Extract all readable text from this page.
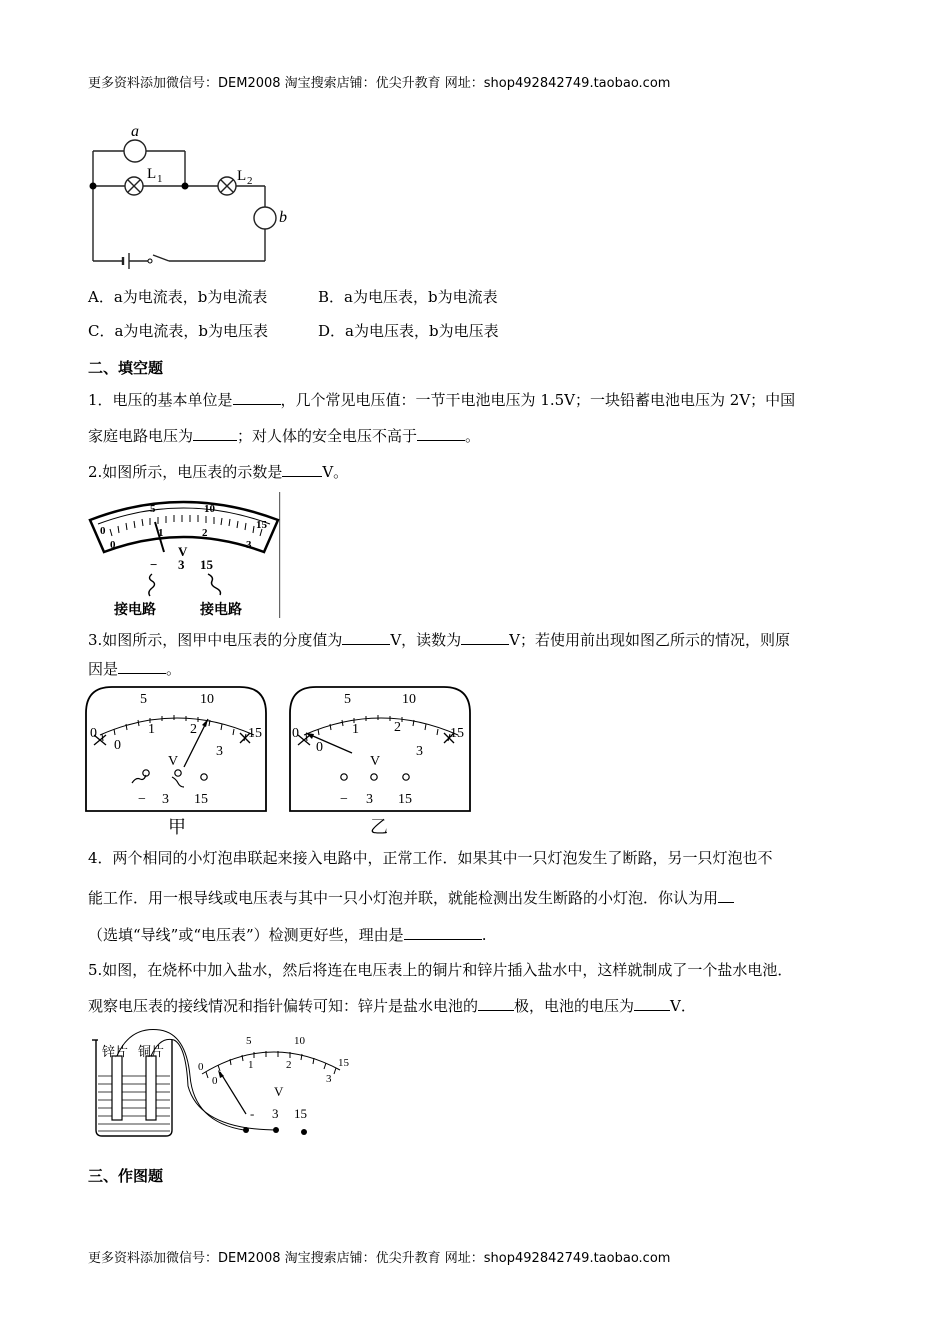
更多资料添加微信号：DEM2008 淘宝搜索店铺：优尖升教育 网址：shop492842749.taobao.com
a
b
L 1	L 2
A．a为电流表，b为电流表	B．a为电压表，b为电流表
C．a为电流表，b为电压表	D．a为电压表，b为电压表
二、填空题
1．电压的基本单位是	，几个常见电压值：一节干电池电压为 1.5V；一块铅蓄电池电压为 2V；中国
家庭电路电压为	；对人体的安全电压不高于	。
2.如图所示，电压表的示数是	V。
0
5	10
15
0
1	2
3
V
− 3 15
接电路	接电路
3.如图所示，图甲中电压表的分度值为	V，读数为	V；若使用前出现如图乙所示的情况，则原
因是	。
0
5	10
15
0
1	2
3
V
− 3 15
甲
0
5	10
15
0
1	2
3
V
− 3 15
乙
4．两个相同的小灯泡串联起来接入电路中，正常工作．如果其中一只灯泡发生了断路，另一只灯泡也不
能工作．用一根导线或电压表与其中一只小灯泡并联，就能检测出发生断路的小灯泡．你认为用
（选填“导线”或“电压表”）检测更好些，理由是	.
5.如图，在烧杯中加入盐水，然后将连在电压表上的铜片和锌片插入盐水中，这样就制成了一个盐水电池．
观察电压表的接线情况和指针偏转可知：锌片是盐水电池的 极，电池的电压为 V．
锌片 铜片
0
5	10
15
0
1	2
3
V
- 3 15
三、作图题
更多资料添加微信号：DEM2008 淘宝搜索店铺：优尖升教育 网址：shop492842749.taobao.com
